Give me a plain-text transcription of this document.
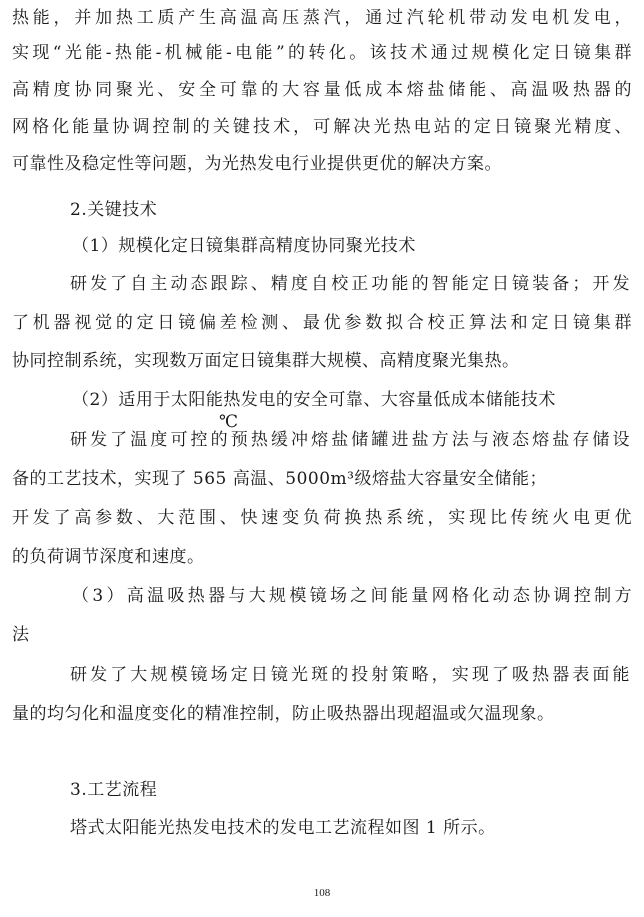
热能，并加热工质产生高温高压蒸汽，通过汽轮机带动发电机发电，
实现“光能-热能-机械能-电能”的转化。该技术通过规模化定日镜集群
高精度协同聚光、安全可靠的大容量低成本熔盐储能、高温吸热器的
网格化能量协调控制的关键技术，可解决光热电站的定日镜聚光精度、
可靠性及稳定性等问题，为光热发电行业提供更优的解决方案。
2.关键技术
（1）规模化定日镜集群高精度协同聚光技术
研发了自主动态跟踪、精度自校正功能的智能定日镜装备；开发
了机器视觉的定日镜偏差检测、最优参数拟合校正算法和定日镜集群
协同控制系统，实现数万面定日镜集群大规模、高精度聚光集热。
（2）适用于太阳能热发电的安全可靠、大容量低成本储能技术
℃
研发了温度可控的预热缓冲熔盐储罐进盐方法与液态熔盐存储设
备的工艺技术，实现了 565 高温、5000m³级熔盐大容量安全储能；
开发了高参数、大范围、快速变负荷换热系统，实现比传统火电更优
的负荷调节深度和速度。
（3）高温吸热器与大规模镜场之间能量网格化动态协调控制方
法
研发了大规模镜场定日镜光斑的投射策略，实现了吸热器表面能
量的均匀化和温度变化的精准控制，防止吸热器出现超温或欠温现象。
3.工艺流程
塔式太阳能光热发电技术的发电工艺流程如图 1 所示。
108
